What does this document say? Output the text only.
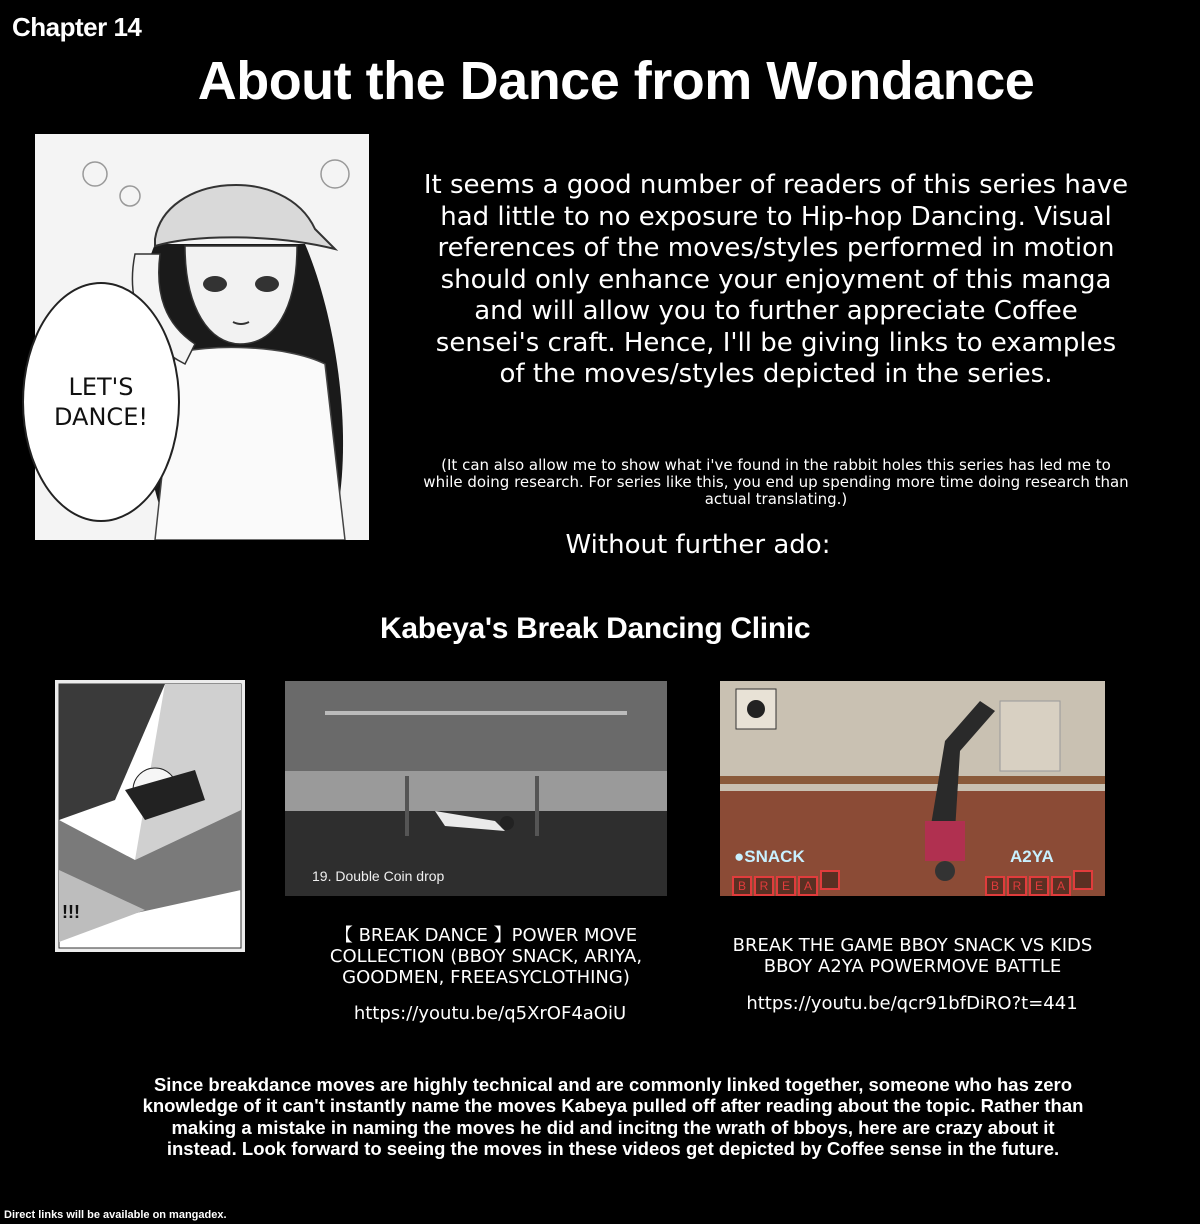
Chapter 14
About the Dance from Wondance
LET'S
DANCE!
It seems a good number of readers of this series have had little to no exposure to Hip-hop Dancing. Visual references of the moves/styles performed in motion should only enhance your enjoyment of this manga and will allow you to further appreciate Coffee sensei's craft. Hence, I'll be giving links to examples of the moves/styles depicted in the series.
(It can also allow me to show what i've found in the rabbit holes this series has led me to while doing research. For series like this, you end up spending more time doing research than actual translating.)
Without further ado:
Kabeya's Break Dancing Clinic
!!!
19. Double Coin drop
●SNACK	A2YA
B R E A	B R E A
【 BREAK DANCE 】POWER MOVE COLLECTION (BBOY SNACK, ARIYA, GOODMEN, FREEASYCLOTHING)
BREAK THE GAME BBOY SNACK VS KIDS BBOY A2YA POWERMOVE BATTLE
https://youtu.be/q5XrOF4aOiU	https://youtu.be/qcr91bfDiRO?t=441
Since breakdance moves are highly technical and are commonly linked together, someone who has zero knowledge of it can't instantly name the moves Kabeya pulled off after reading about the topic. Rather than making a mistake in naming the moves he did and incitng the wrath of bboys, here are crazy about it instead. Look forward to seeing the moves in these videos get depicted by Coffee sense in the future.
Direct links will be available on mangadex.
